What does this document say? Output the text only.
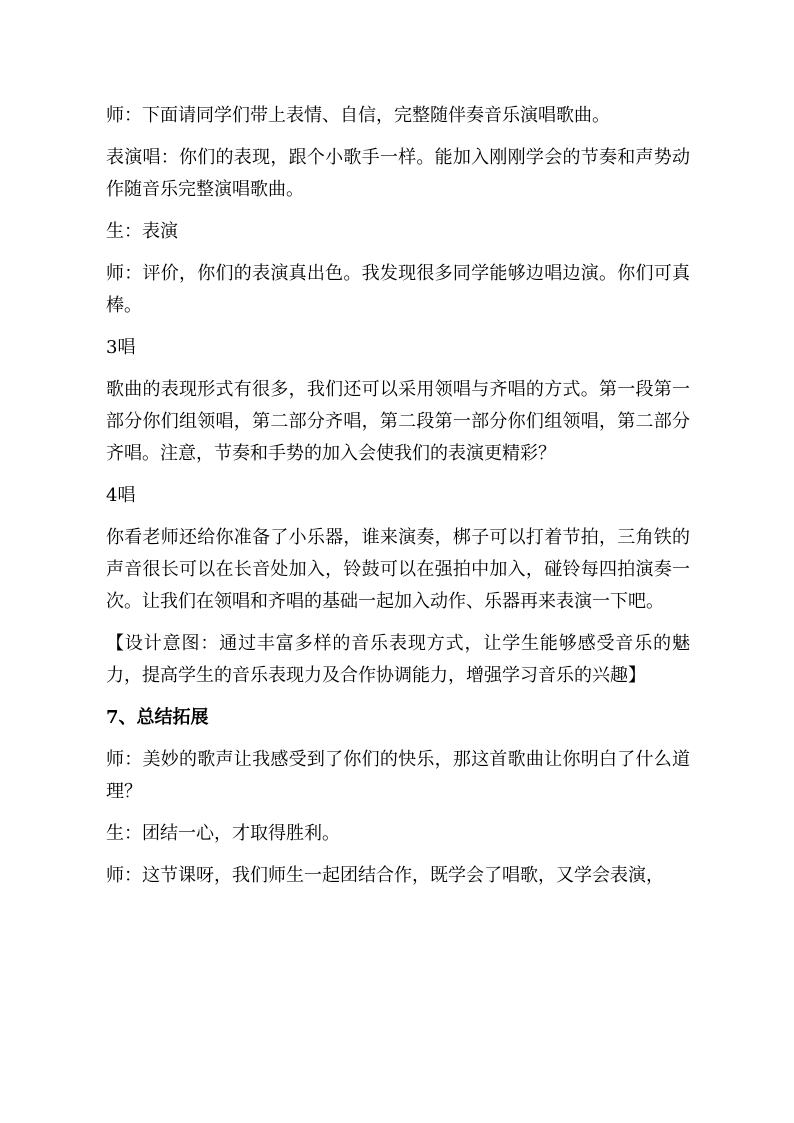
师：下面请同学们带上表情、自信，完整随伴奏音乐演唱歌曲。

表演唱：你们的表现，跟个小歌手一样。能加入刚刚学会的节奏和声势动作随音乐完整演唱歌曲。

生：表演

师：评价，你们的表演真出色。我发现很多同学能够边唱边演。你们可真棒。

3唱

歌曲的表现形式有很多，我们还可以采用领唱与齐唱的方式。第一段第一部分你们组领唱，第二部分齐唱，第二段第一部分你们组领唱，第二部分齐唱。注意，节奏和手势的加入会使我们的表演更精彩？

4唱

你看老师还给你准备了小乐器，谁来演奏，梆子可以打着节拍，三角铁的声音很长可以在长音处加入，铃鼓可以在强拍中加入，碰铃每四拍演奏一次。让我们在领唱和齐唱的基础一起加入动作、乐器再来表演一下吧。

【设计意图：通过丰富多样的音乐表现方式，让学生能够感受音乐的魅力，提高学生的音乐表现力及合作协调能力，增强学习音乐的兴趣】

7、总结拓展

师：美妙的歌声让我感受到了你们的快乐，那这首歌曲让你明白了什么道理？

生：团结一心，才取得胜利。

师：这节课呀，我们师生一起团结合作，既学会了唱歌，又学会表演，
